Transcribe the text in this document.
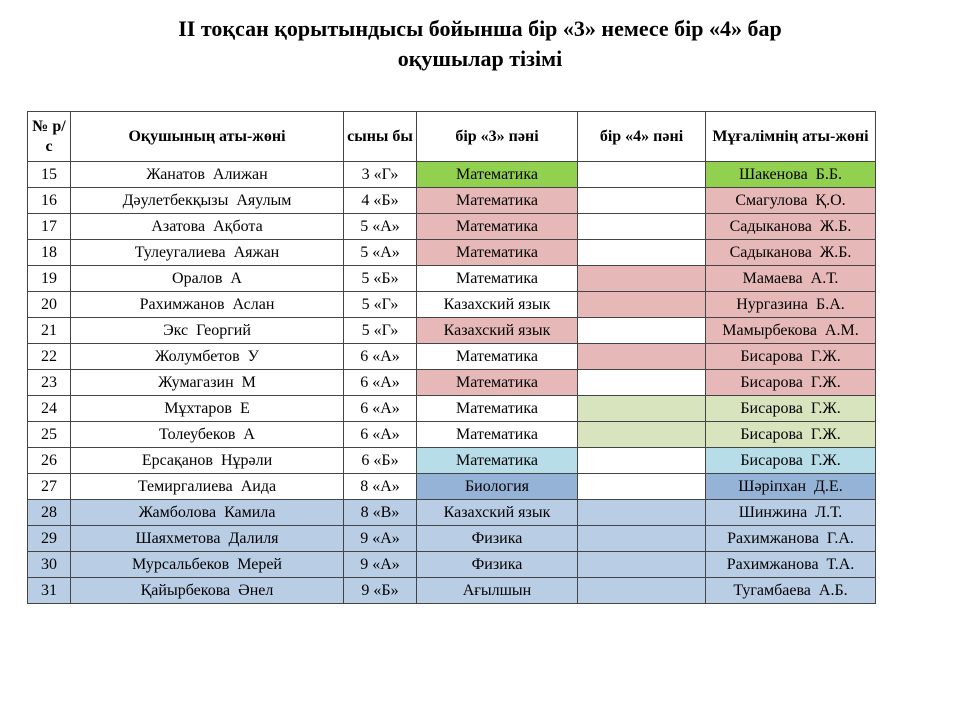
II тоқсан қорытындысы бойынша бір «3» немесе бір «4» бар
оқушылар тізімі
№ р/с	Оқушының аты-жөні	сыны бы	бір «3» пәні	бір «4» пәні	Мұғалімнің аты-жөні
15	Жанатов Алижан	3 «Г»	Математика		Шакенова Б.Б.
16	Дәулетбекқызы Аяулым	4 «Б»	Математика		Смагулова Қ.О.
17	Азатова Ақбота	5 «А»	Математика		Садыканова Ж.Б.
18	Тулеугалиева Аяжан	5 «А»	Математика		Садыканова Ж.Б.
19	Оралов А	5 «Б»	Математика		Мамаева А.Т.
20	Рахимжанов Аслан	5 «Г»	Казахский язык		Нургазина Б.А.
21	Экс Георгий	5 «Г»	Казахский язык		Мамырбекова А.М.
22	Жолумбетов У	6 «А»	Математика		Бисарова Г.Ж.
23	Жумагазин М	6 «А»	Математика		Бисарова Г.Ж.
24	Мұхтаров Е	6 «А»	Математика		Бисарова Г.Ж.
25	Толеубеков А	6 «А»	Математика		Бисарова Г.Ж.
26	Ерсақанов Нұрәли	6 «Б»	Математика		Бисарова Г.Ж.
27	Темиргалиева Аида	8 «А»	Биология		Шәріпхан Д.Е.
28	Жамболова Камила	8 «В»	Казахский язык		Шинжина Л.Т.
29	Шаяхметова Далиля	9 «А»	Физика		Рахимжанова Г.А.
30	Мурсальбеков Мерей	9 «А»	Физика		Рахимжанова Т.А.
31	Қайырбекова Әнел	9 «Б»	Ағылшын		Тугамбаева А.Б.
